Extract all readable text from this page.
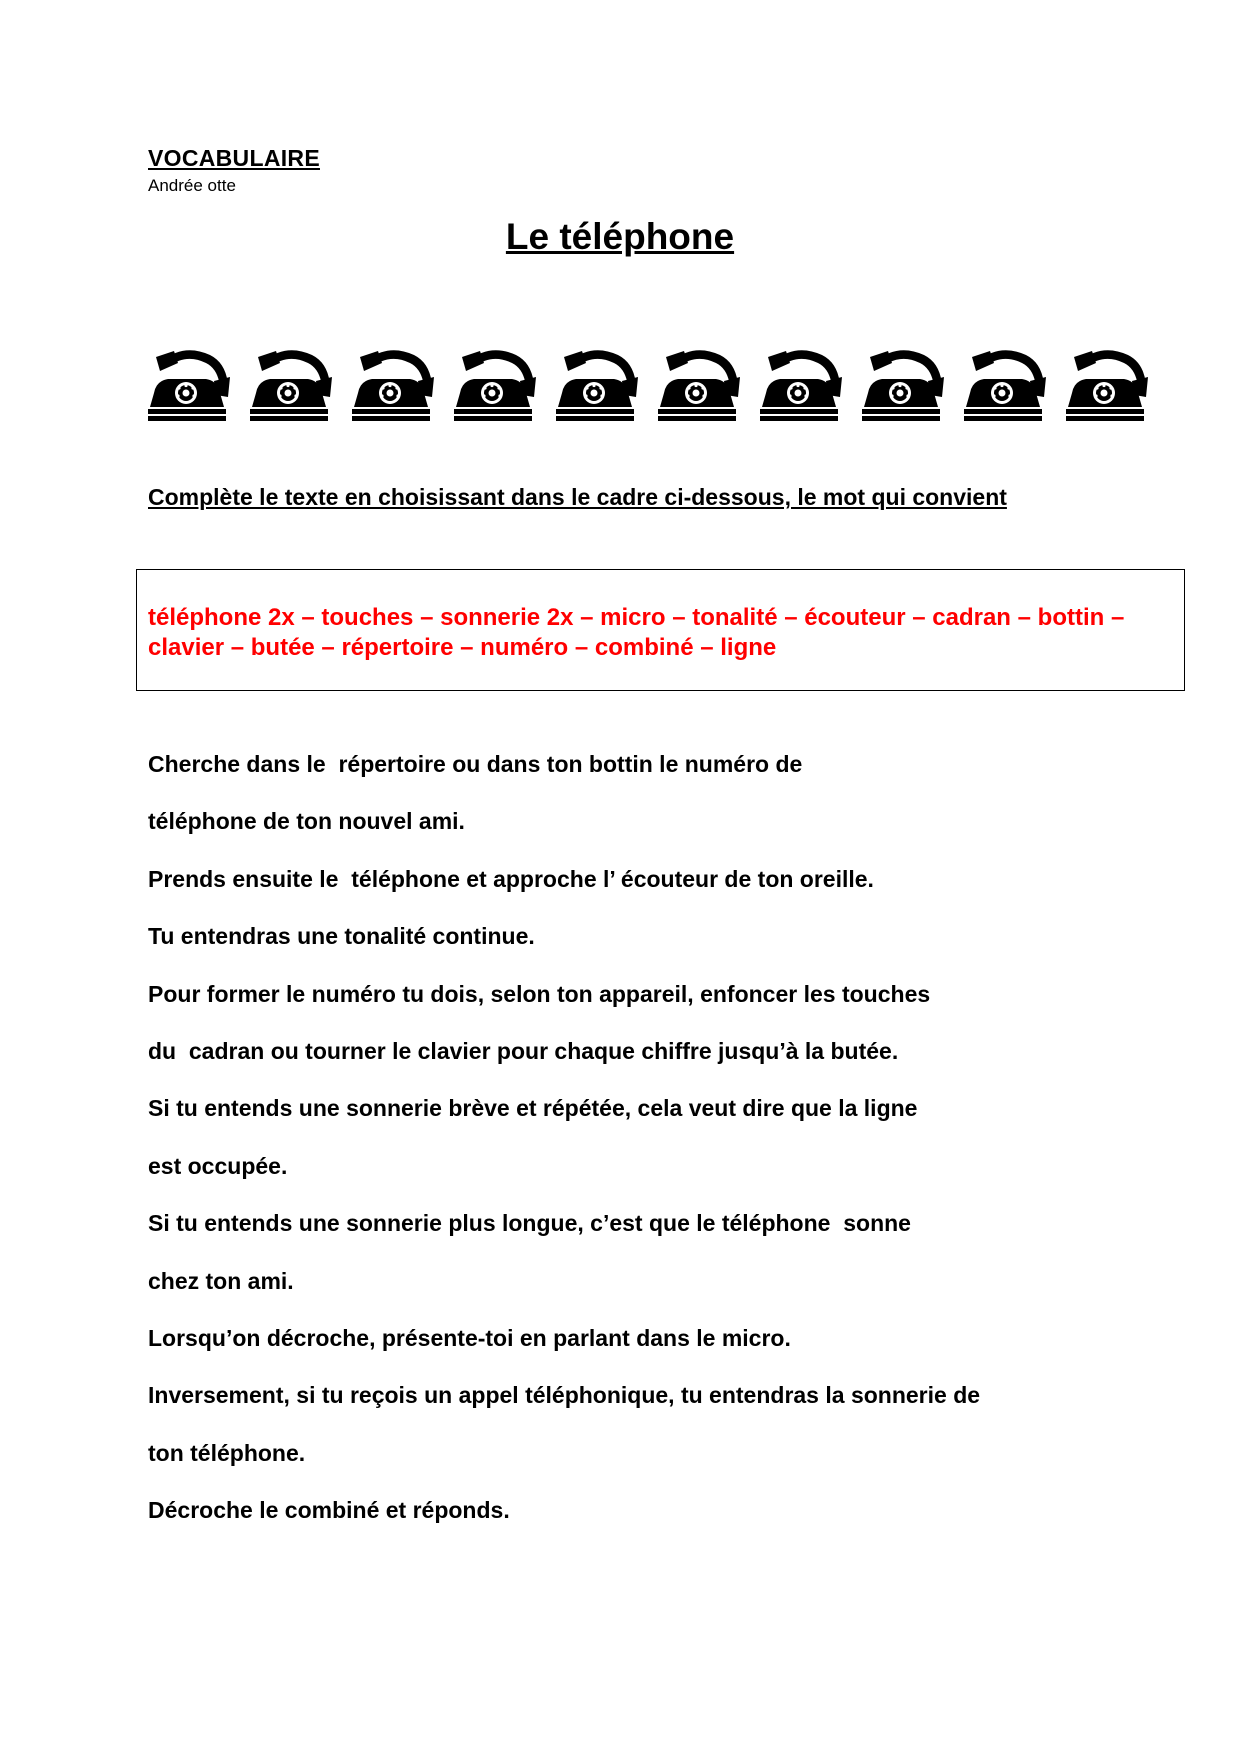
VOCABULAIRE
Andrée otte
Le téléphone
Complète le texte en choisissant dans le cadre ci-dessous, le mot qui convient
téléphone 2x – touches – sonnerie 2x – micro – tonalité – écouteur – cadran – bottin –
clavier – butée – répertoire – numéro – combiné – ligne
Cherche dans le  répertoire ou dans ton bottin le numéro de
téléphone de ton nouvel ami.
Prends ensuite le  téléphone et approche l’ écouteur de ton oreille.
Tu entendras une tonalité continue.
Pour former le numéro tu dois, selon ton appareil, enfoncer les touches
du  cadran ou tourner le clavier pour chaque chiffre jusqu’à la butée.
Si tu entends une sonnerie brève et répétée, cela veut dire que la ligne
est occupée.
Si tu entends une sonnerie plus longue, c’est que le téléphone  sonne
chez ton ami.
Lorsqu’on décroche, présente-toi en parlant dans le micro.
Inversement, si tu reçois un appel téléphonique, tu entendras la sonnerie de
ton téléphone.
Décroche le combiné et réponds.
